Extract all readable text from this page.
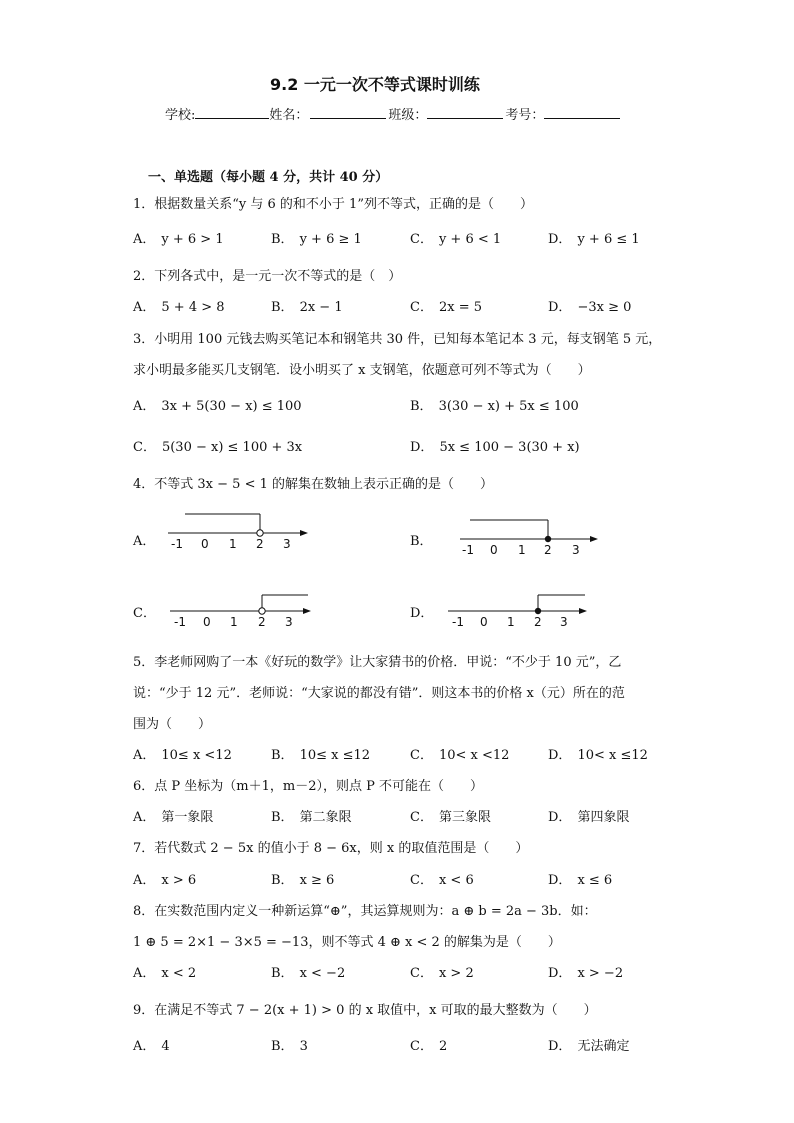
9.2 一元一次不等式课时训练
学校:	姓名：	班级：	考号：
一、单选题（每小题 4 分，共计 40 分）
1．根据数量关系“y 与 6 的和不小于 1”列不等式，正确的是（　　）
A． y + 6 > 1	B． y + 6 ≥ 1	C． y + 6 < 1	D． y + 6 ≤ 1
2．下列各式中，是一元一次不等式的是（　）
A． 5 + 4 > 8	B． 2x − 1	C． 2x = 5	D． −3x ≥ 0
3．小明用 100 元钱去购买笔记本和钢笔共 30 件，已知每本笔记本 3 元，每支钢笔 5 元，
求小明最多能买几支钢笔．设小明买了 x 支钢笔，依题意可列不等式为（　　）
A． 3x + 5(30 − x) ≤ 100	B． 3(30 − x) + 5x ≤ 100
C． 5(30 − x) ≤ 100 + 3x	D． 5x ≤ 100 − 3(30 + x)
4．不等式 3x − 5 < 1 的解集在数轴上表示正确的是（　　）
A． -1 0 1 2 3	B．
-1 0 1 2 3
C．
-1 0 1 2 3
D．
-1 0 1 2 3
5．李老师网购了一本《好玩的数学》让大家猜书的价格．甲说：“不少于 10 元”，乙
说：“少于 12 元”．老师说：“大家说的都没有错”．则这本书的价格 x（元）所在的范
围为（　　）
A． 10≤ x <12	B． 10≤ x ≤12	C． 10< x <12	D． 10< x ≤12
6．点 P 坐标为（m＋1，m－2），则点 P 不可能在（　　）
A． 第一象限	B． 第二象限	C． 第三象限	D． 第四象限
7．若代数式 2 − 5x 的值小于 8 − 6x，则 x 的取值范围是（　　）
A． x > 6	B． x ≥ 6	C． x < 6	D． x ≤ 6
8．在实数范围内定义一种新运算“⊕”，其运算规则为：a ⊕ b = 2a − 3b．如：
1 ⊕ 5 = 2×1 − 3×5 = −13，则不等式 4 ⊕ x < 2 的解集为是（　　）
A． x < 2	B． x < −2	C． x > 2	D． x > −2
9．在满足不等式 7 − 2(x + 1) > 0 的 x 取值中，x 可取的最大整数为（　　）
A． 4	B． 3	C． 2	D． 无法确定
